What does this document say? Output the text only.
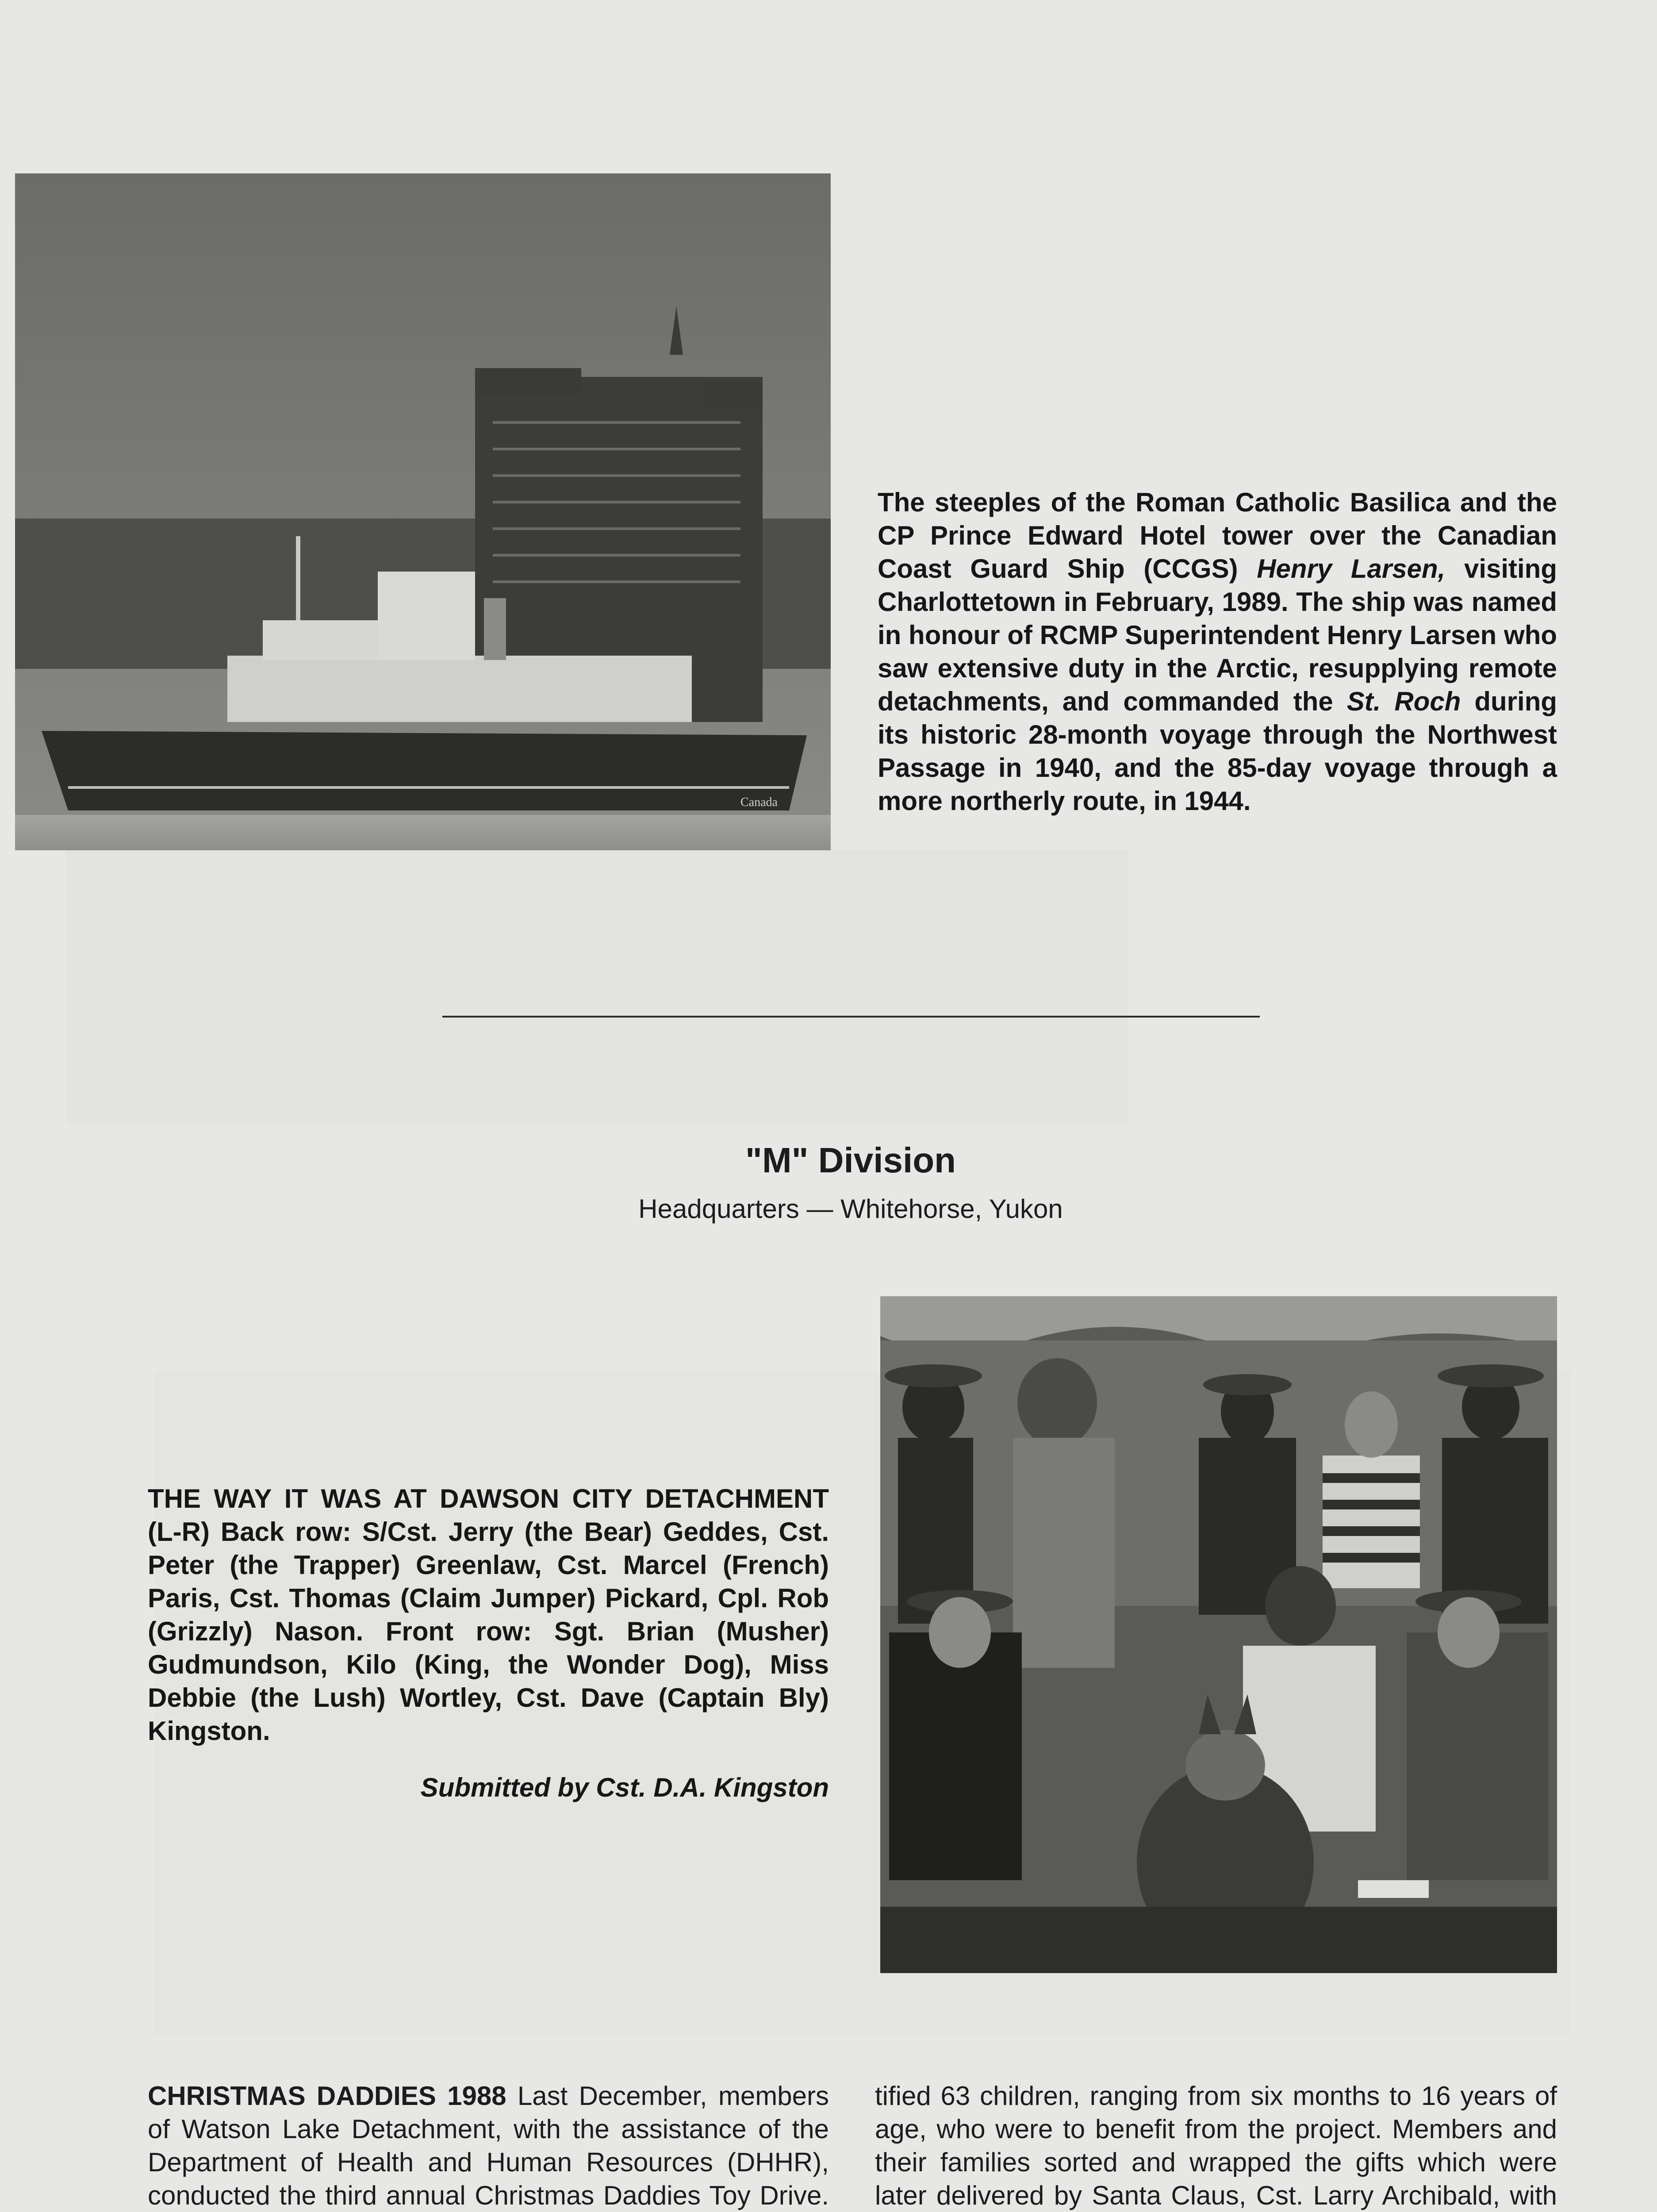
Canada
The steeples of the Roman Catholic Basilica and the CP Prince Edward Hotel tower over the Canadian Coast Guard Ship (CCGS) Henry Larsen, visiting Charlottetown in February, 1989. The ship was named in honour of RCMP Superintendent Henry Larsen who saw extensive duty in the Arctic, resupplying remote detachments, and commanded the St. Roch during its historic 28-month voyage through the Northwest Passage in 1940, and the 85-day voyage through a more northerly route, in 1944.
"M" Division
Headquarters — Whitehorse, Yukon
THE WAY IT WAS AT DAWSON CITY DETACHMENT (L-R) Back row: S/Cst. Jerry (the Bear) Geddes, Cst. Peter (the Trapper) Greenlaw, Cst. Marcel (French) Paris, Cst. Thomas (Claim Jumper) Pickard, Cpl. Rob (Grizzly) Nason. Front row: Sgt. Brian (Musher) Gudmundson, Kilo (King, the Wonder Dog), Miss Debbie (the Lush) Wortley, Cst. Dave (Captain Bly) Kingston.
Submitted by Cst. D.A. Kingston
CHRISTMAS DADDIES 1988 Last December, members of Watson Lake Detachment, with the assistance of the Department of Health and Human Resources (DHHR), conducted the third annual Christmas Daddies Toy Drive.
tified 63 children, ranging from six months to 16 years of age, who were to benefit from the project. Members and their families sorted and wrapped the gifts which were later delivered by Santa Claus, Cst. Larry Archibald, with
